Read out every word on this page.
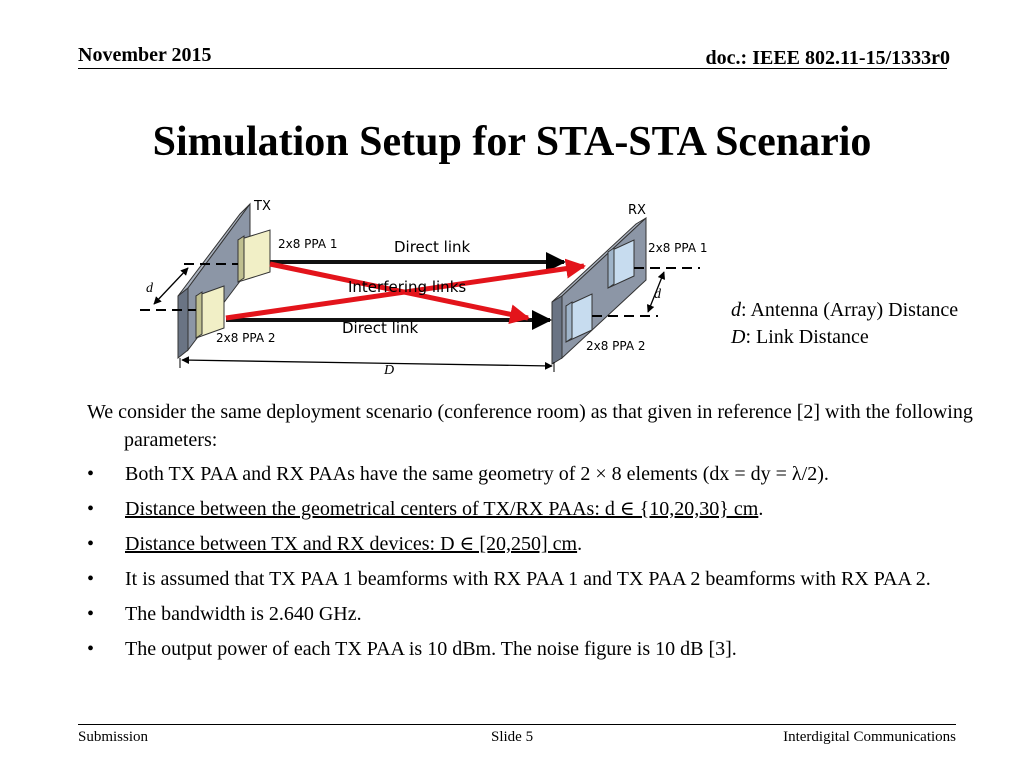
November 2015	doc.: IEEE 802.11-15/1333r0
Simulation Setup for STA-STA Scenario
TX	RX
2x8 PPA 1
2x8 PPA 2
2x8 PPA 1
2x8 PPA 2
Direct link
Interfering links
Direct link
d	d
D
d: Antenna (Array) Distance
D: Link Distance
We consider the same deployment scenario (conference room) as that given in reference [2] with the following parameters:
• Both TX PAA and RX PAAs have the same geometry of 2 × 8 elements (dx = dy = λ/2).
• Distance between the geometrical centers of TX/RX PAAs: d ∈ {10,20,30} cm.
• Distance between TX and RX devices: D ∈ [20,250] cm.
• It is assumed that TX PAA 1 beamforms with RX PAA 1 and TX PAA 2 beamforms with RX PAA 2.
• The bandwidth is 2.640 GHz.
• The output power of each TX PAA is 10 dBm. The noise figure is 10 dB [3].
Submission	Slide 5	Interdigital Communications
